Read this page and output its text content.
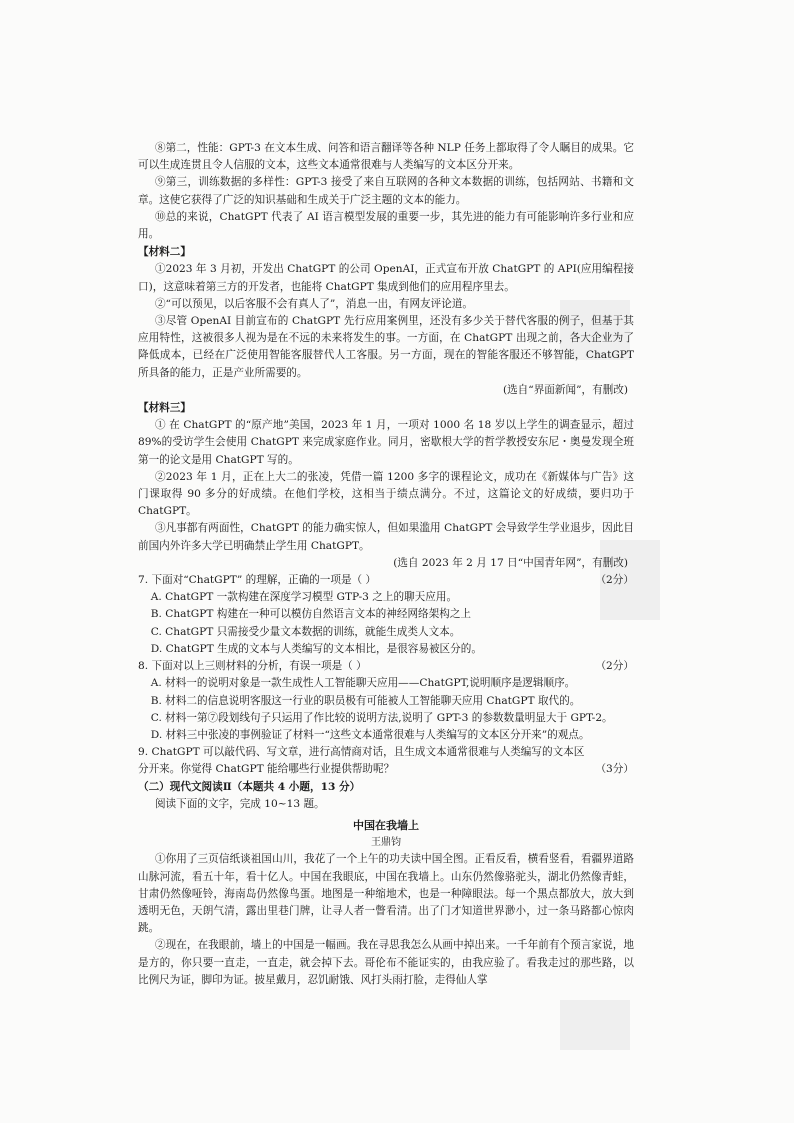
⑧第二，性能：GPT-3 在文本生成、问答和语言翻译等各种 NLP 任务上都取得了令人瞩目的成果。它可以生成连贯且令人信服的文本，这些文本通常很难与人类编写的文本区分开来。

⑨第三，训练数据的多样性：GPT-3 接受了来自互联网的各种文本数据的训练，包括网站、书籍和文章。这使它获得了广泛的知识基础和生成关于广泛主题的文本的能力。

⑩总的来说，ChatGPT 代表了 AI 语言模型发展的重要一步，其先进的能力有可能影响许多行业和应用。

【材料二】

①2023 年 3 月初，开发出 ChatGPT 的公司 OpenAI，正式宣布开放 ChatGPT 的 API(应用编程接口)，这意味着第三方的开发者，也能将 ChatGPT 集成到他们的应用程序里去。

②“可以预见，以后客服不会有真人了”，消息一出，有网友评论道。

③尽管 OpenAI 目前宣布的 ChatGPT 先行应用案例里，还没有多少关于替代客服的例子，但基于其应用特性，这被很多人视为是在不远的未来将发生的事。一方面，在 ChatGPT 出现之前，各大企业为了降低成本，已经在广泛使用智能客服替代人工客服。另一方面，现在的智能客服还不够智能，ChatGPT 所具备的能力，正是产业所需要的。

(选自“界面新闻”，有删改)

【材料三】

① 在 ChatGPT 的“原产地”美国，2023 年 1 月，一项对 1000 名 18 岁以上学生的调查显示，超过 89%的受访学生会使用 ChatGPT 来完成家庭作业。同月，密歇根大学的哲学教授安东尼・奥曼发现全班第一的论文是用 ChatGPT 写的。

②2023 年 1 月，正在上大二的张凌，凭借一篇 1200 多字的课程论文，成功在《新媒体与广告》这门课取得 90 多分的好成绩。在他们学校，这相当于绩点满分。不过，这篇论文的好成绩，要归功于 ChatGPT。

③凡事都有两面性，ChatGPT 的能力确实惊人，但如果滥用 ChatGPT 会导致学生学业退步，因此目前国内外许多大学已明确禁止学生用 ChatGPT。

(选自 2023 年 2 月 17 日“中国青年网”，有删改)

7. 下面对“ChatGPT” 的理解，正确的一项是（ ）	（2分）

A. ChatGPT 一款构建在深度学习模型 GTP-3 之上的聊天应用。

B. ChatGPT 构建在一种可以模仿自然语言文本的神经网络架构之上

C. ChatGPT 只需接受少量文本数据的训练，就能生成类人文本。

D. ChatGPT 生成的文本与人类编写的文本相比，是很容易被区分的。

8. 下面对以上三则材料的分析，有误一项是（ ）	（2分）

A. 材料一的说明对象是一款生成性人工智能聊天应用——ChatGPT,说明顺序是逻辑顺序。

B. 材料二的信息说明客服这一行业的职员极有可能被人工智能聊天应用 ChatGPT 取代的。

C. 材料一第⑦段划线句子只运用了作比较的说明方法,说明了 GPT-3 的参数数量明显大于 GPT-2。

D. 材料三中张凌的事例验证了材料一“这些文本通常很难与人类编写的文本区分开来”的观点。

9. ChatGPT 可以敲代码、写文章，进行高情商对话，且生成文本通常很难与人类编写的文本区分开来。你觉得 ChatGPT 能给哪些行业提供帮助呢？	（3分）

（二）现代文阅读Ⅱ（本题共 4 小题，13 分）

阅读下面的文字，完成 10~13 题。

中国在我墙上

王鼎钧

①你用了三页信纸谈祖国山川，我花了一个上午的功夫读中国全图。正看反看，横看竖看，看疆界道路山脉河流，看五十年，看十亿人。中国在我眼底，中国在我墙上。山东仍然像骆驼头，湖北仍然像青蛙，甘肃仍然像哑铃，海南岛仍然像鸟蛋。地图是一种缩地术，也是一种障眼法。每一个黑点都放大，放大到透明无色，天朗气清，露出里巷门牌，让寻人者一瞥看清。出了门才知道世界渺小，过一条马路都心惊肉跳。

②现在，在我眼前，墙上的中国是一幅画。我在寻思我怎么从画中掉出来。一千年前有个预言家说，地是方的，你只要一直走，一直走，就会掉下去。哥伦布不能证实的，由我应验了。看我走过的那些路，以比例尺为证，脚印为证。披星戴月，忍饥耐饿、风打头雨打脸，走得仙人掌
